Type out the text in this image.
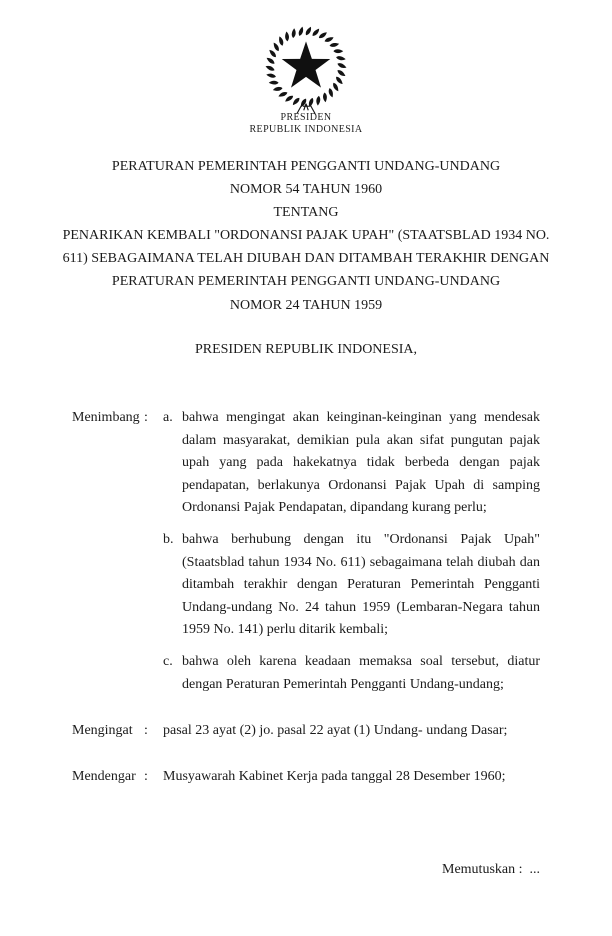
PRESIDEN
REPUBLIK INDONESIA
PERATURAN PEMERINTAH PENGGANTI UNDANG-UNDANG
NOMOR 54 TAHUN 1960
TENTANG
PENARIKAN KEMBALI "ORDONANSI PAJAK UPAH" (STAATSBLAD 1934 NO.
611) SEBAGAIMANA TELAH DIUBAH DAN DITAMBAH TERAKHIR DENGAN
PERATURAN PEMERINTAH PENGGANTI UNDANG-UNDANG
NOMOR 24 TAHUN 1959
PRESIDEN REPUBLIK INDONESIA,
Menimbang :	a. bahwa mengingat akan keinginan-keinginan yang mendesak dalam masyarakat, demikian pula akan sifat pungutan pajak upah yang pada hakekatnya tidak berbeda dengan pajak pendapatan, berlakunya Ordonansi Pajak Upah di samping Ordonansi Pajak Pendapatan, dipandang kurang perlu;
b. bahwa berhubung dengan itu "Ordonansi Pajak Upah" (Staatsblad tahun 1934 No. 611) sebagaimana telah diubah dan ditambah terakhir dengan Peraturan Pemerintah Pengganti Undang-undang No. 24 tahun 1959 (Lembaran-Negara tahun 1959 No. 141) perlu ditarik kembali;
c. bahwa oleh karena keadaan memaksa soal tersebut, diatur dengan Peraturan Pemerintah Pengganti Undang-undang;
Mengingat :	pasal 23 ayat (2) jo. pasal 22 ayat (1) Undang- undang Dasar;
Mendengar :	Musyawarah Kabinet Kerja pada tanggal 28 Desember 1960;
Memutuskan : ...
